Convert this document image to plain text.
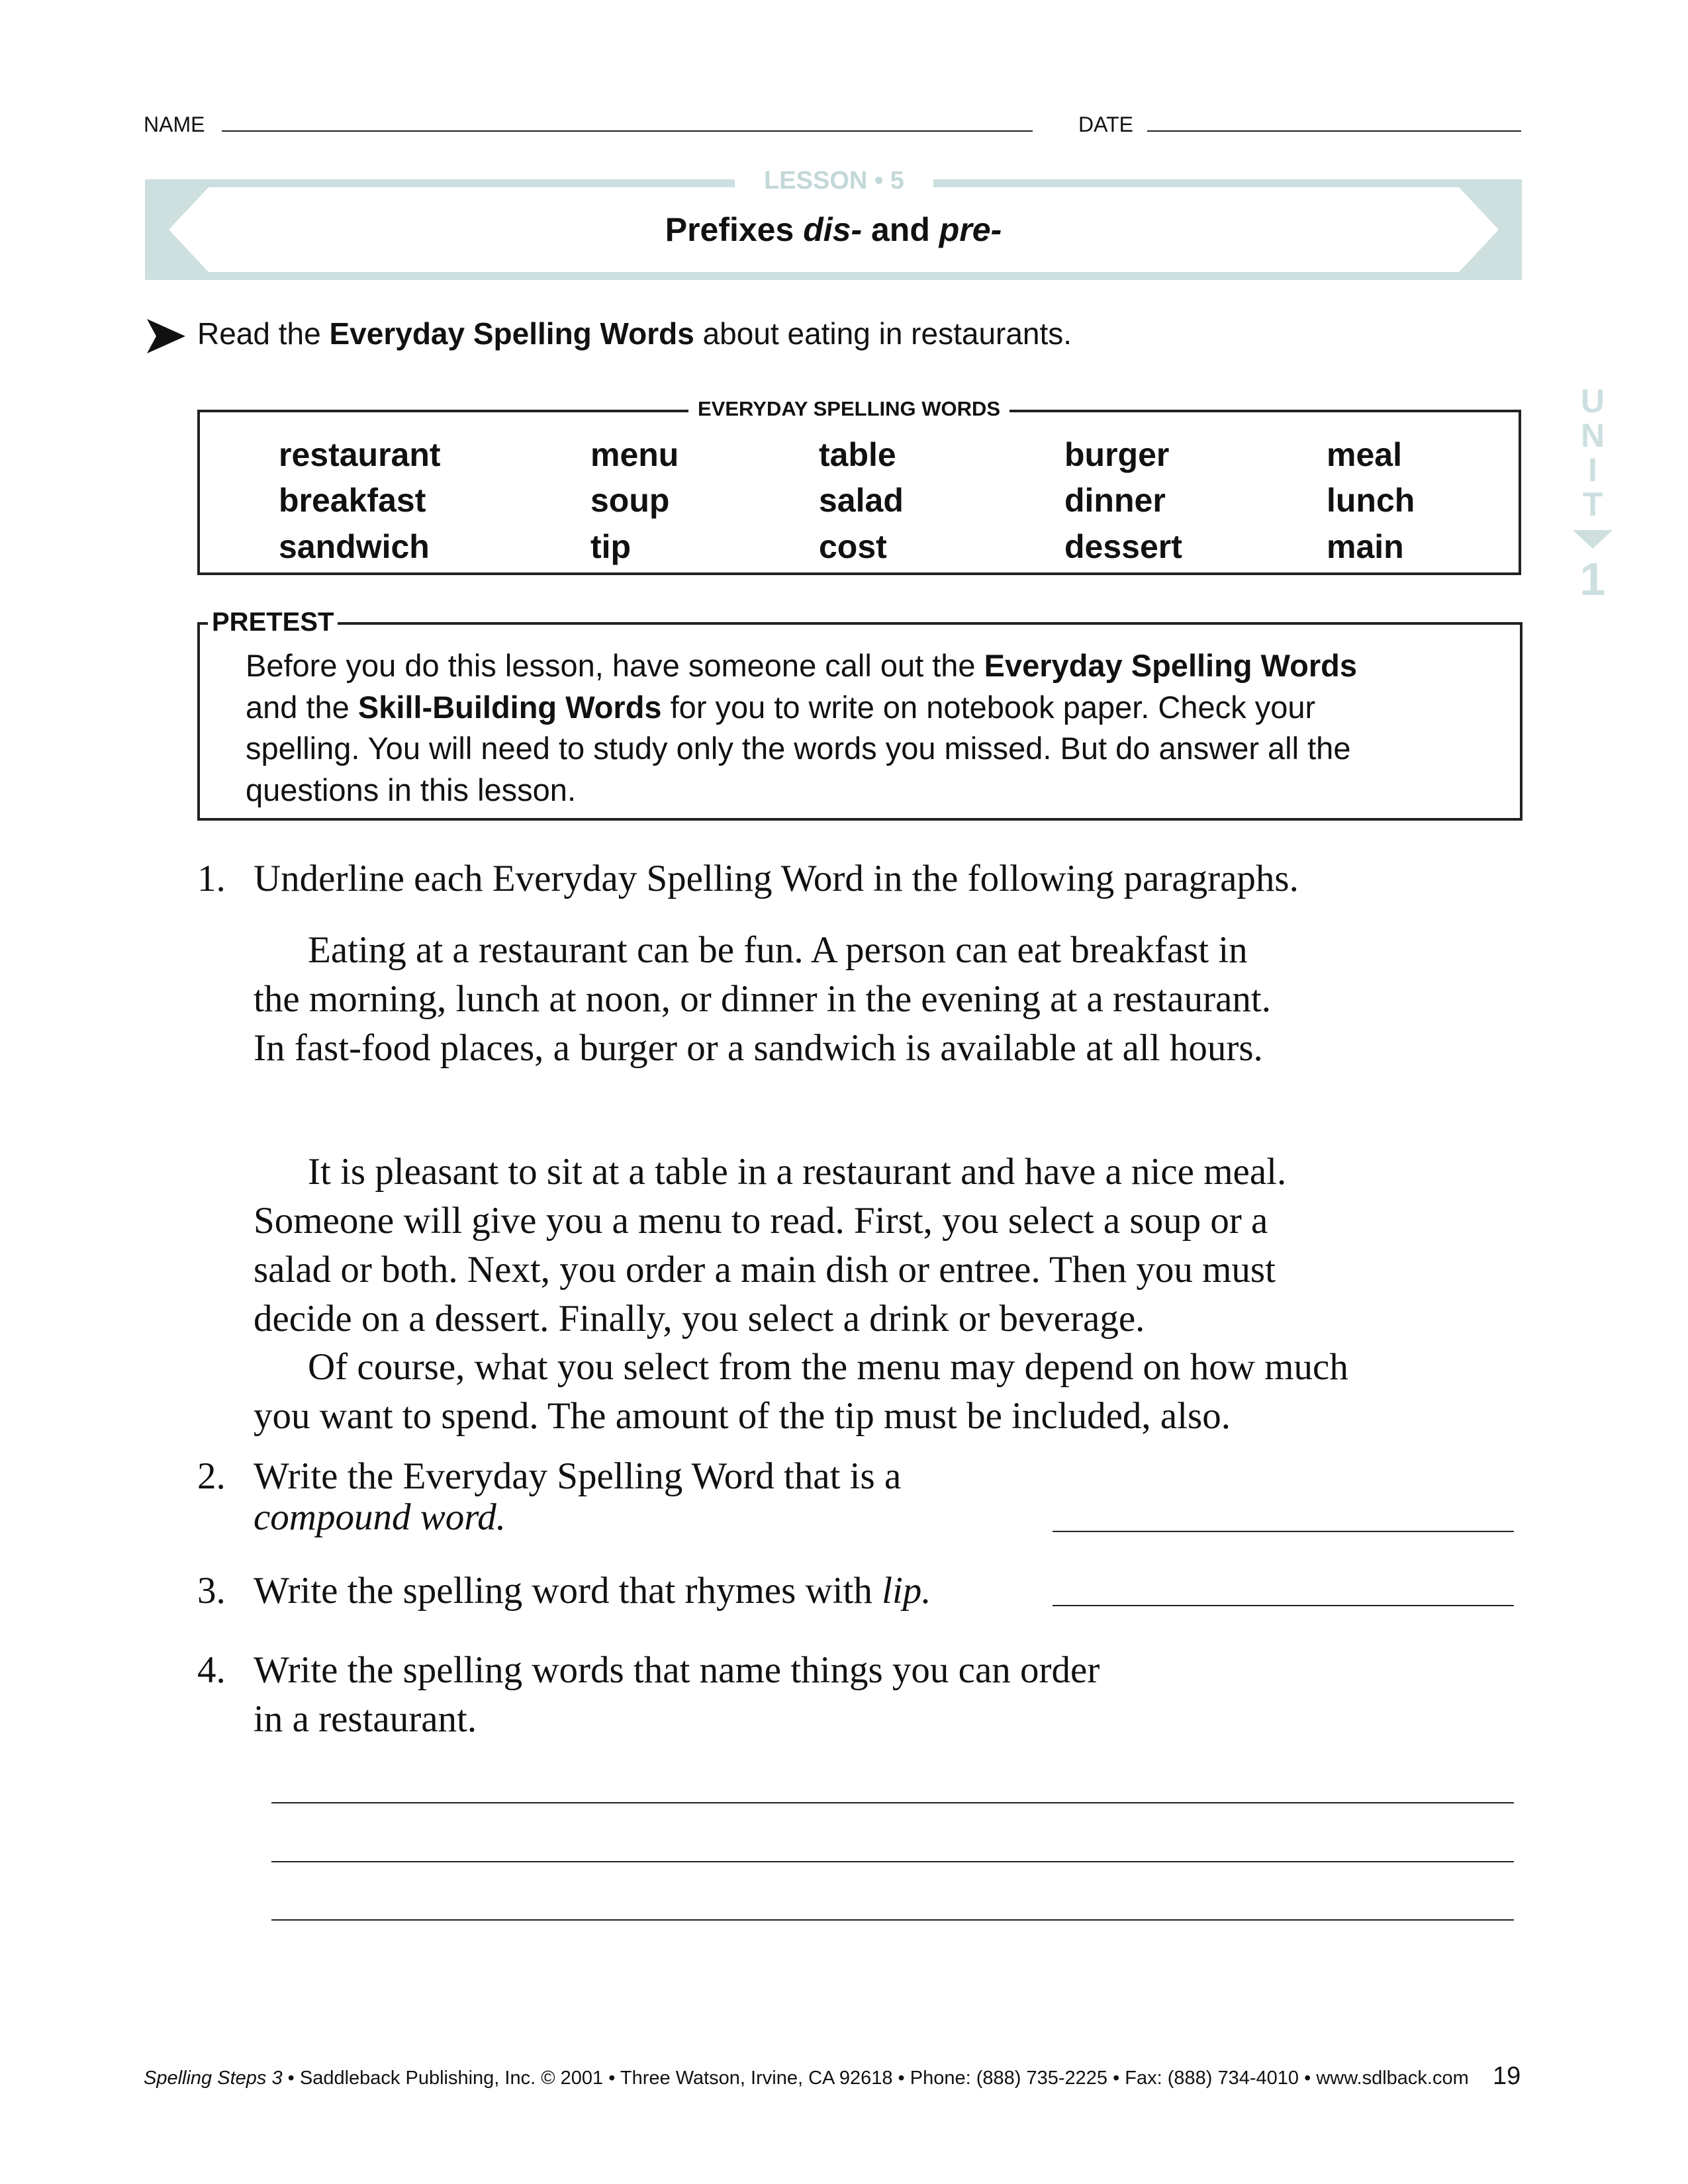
NAME	DATE
LESSON • 5
Prefixes dis- and pre-
Read the Everyday Spelling Words about eating in restaurants.
EVERYDAY SPELLING WORDS
restaurant	menu	table	burger	meal
breakfast	soup	salad	dinner	lunch
sandwich	tip	cost	dessert	main
PRETEST
Before you do this lesson, have someone call out the Everyday Spelling Words
and the Skill-Building Words for you to write on notebook paper. Check your
spelling. You will need to study only the words you missed. But do answer all the
questions in this lesson.
1. Underline each Everyday Spelling Word in the following paragraphs.
Eating at a restaurant can be fun. A person can eat breakfast in
the morning, lunch at noon, or dinner in the evening at a restaurant.
In fast-food places, a burger or a sandwich is available at all hours.
It is pleasant to sit at a table in a restaurant and have a nice meal.
Someone will give you a menu to read. First, you select a soup or a
salad or both. Next, you order a main dish or entree. Then you must
decide on a dessert. Finally, you select a drink or beverage.
Of course, what you select from the menu may depend on how much
you want to spend. The amount of the tip must be included, also.
2. Write the Everyday Spelling Word that is a
compound word.
3. Write the spelling word that rhymes with lip.
4. Write the spelling words that name things you can order
in a restaurant.
U
N
I
T
1
Spelling Steps 3 • Saddleback Publishing, Inc. © 2001 • Three Watson, Irvine, CA 92618 • Phone: (888) 735-2225 • Fax: (888) 734-4010 • www.sdlback.com 19
